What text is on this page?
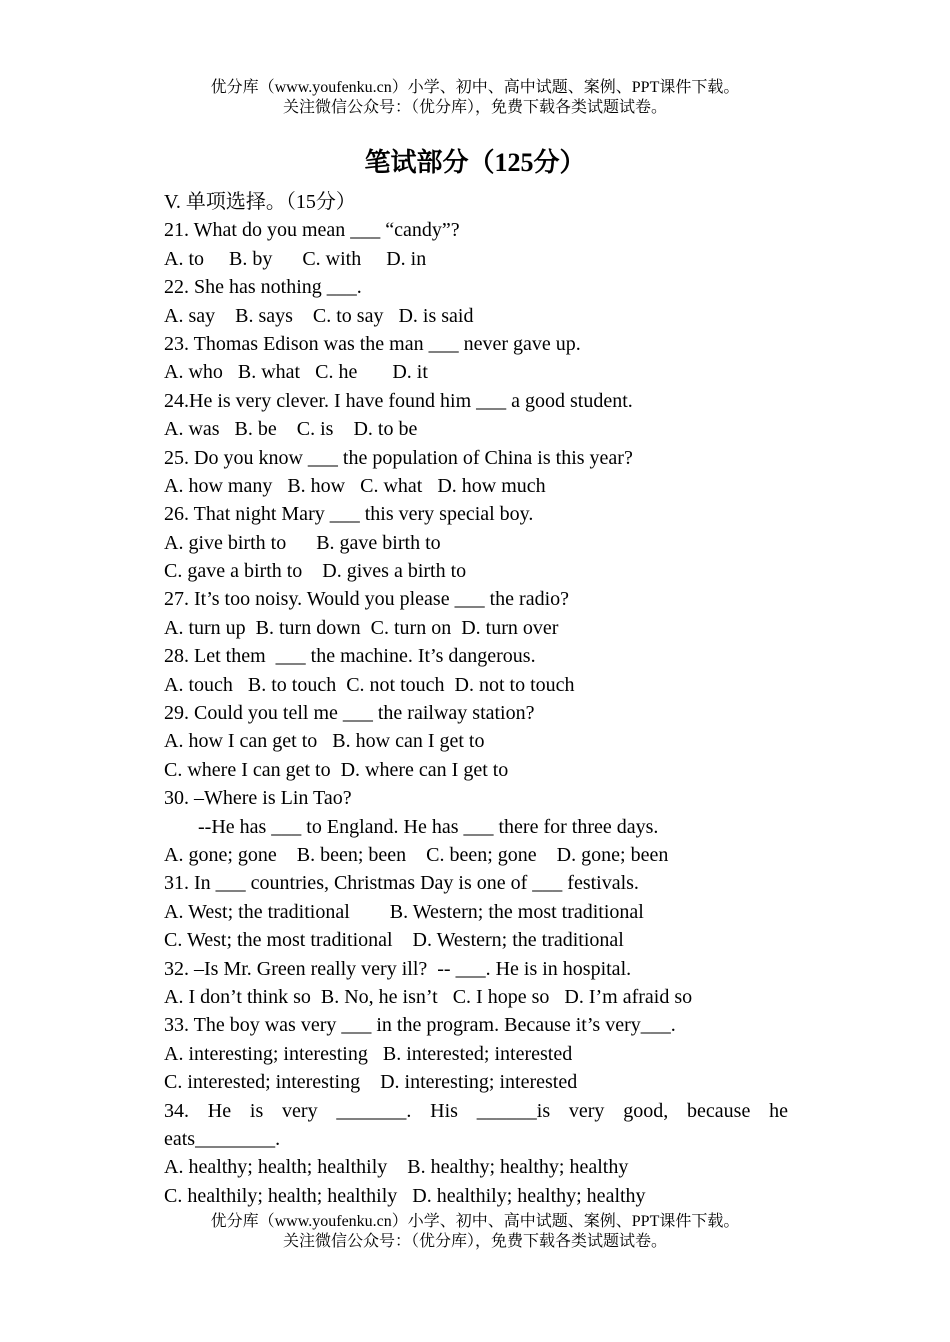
优分库（www.youfenku.cn）小学、初中、高中试题、案例、PPT课件下载。
关注微信公众号：（优分库），免费下载各类试题试卷。
笔试部分（125分）
V. 单项选择。（15分）
21. What do you mean ___ “candy”?
A. to     B. by      C. with     D. in
22. She has nothing ___.
A. say    B. says    C. to say   D. is said
23. Thomas Edison was the man ___ never gave up.
A. who   B. what   C. he       D. it
24.He is very clever. I have found him ___ a good student.
A. was   B. be    C. is    D. to be
25. Do you know ___ the population of China is this year?
A. how many   B. how   C. what   D. how much
26. That night Mary ___ this very special boy.
A. give birth to      B. gave birth to
C. gave a birth to    D. gives a birth to
27. It’s too noisy. Would you please ___ the radio?
A. turn up  B. turn down  C. turn on  D. turn over
28. Let them  ___ the machine. It’s dangerous.
A. touch   B. to touch  C. not touch  D. not to touch
29. Could you tell me ___ the railway station?
A. how I can get to   B. how can I get to
C. where I can get to  D. where can I get to
30. –Where is Lin Tao?
--He has ___ to England. He has ___ there for three days.
A. gone; gone    B. been; been    C. been; gone    D. gone; been
31. In ___ countries, Christmas Day is one of ___ festivals.
A. West; the traditional        B. Western; the most traditional
C. West; the most traditional    D. Western; the traditional
32. –Is Mr. Green really very ill?  -- ___. He is in hospital.
A. I don’t think so  B. No, he isn’t   C. I hope so   D. I’m afraid so
33. The boy was very ___ in the program. Because it’s very___.
A. interesting; interesting   B. interested; interested
C. interested; interesting    D. interesting; interested
34. He is very _______. His ______is very good, because he
eats________.
A. healthy; health; healthily    B. healthy; healthy; healthy
C. healthily; health; healthily   D. healthily; healthy; healthy
优分库（www.youfenku.cn）小学、初中、高中试题、案例、PPT课件下载。
关注微信公众号：（优分库），免费下载各类试题试卷。
